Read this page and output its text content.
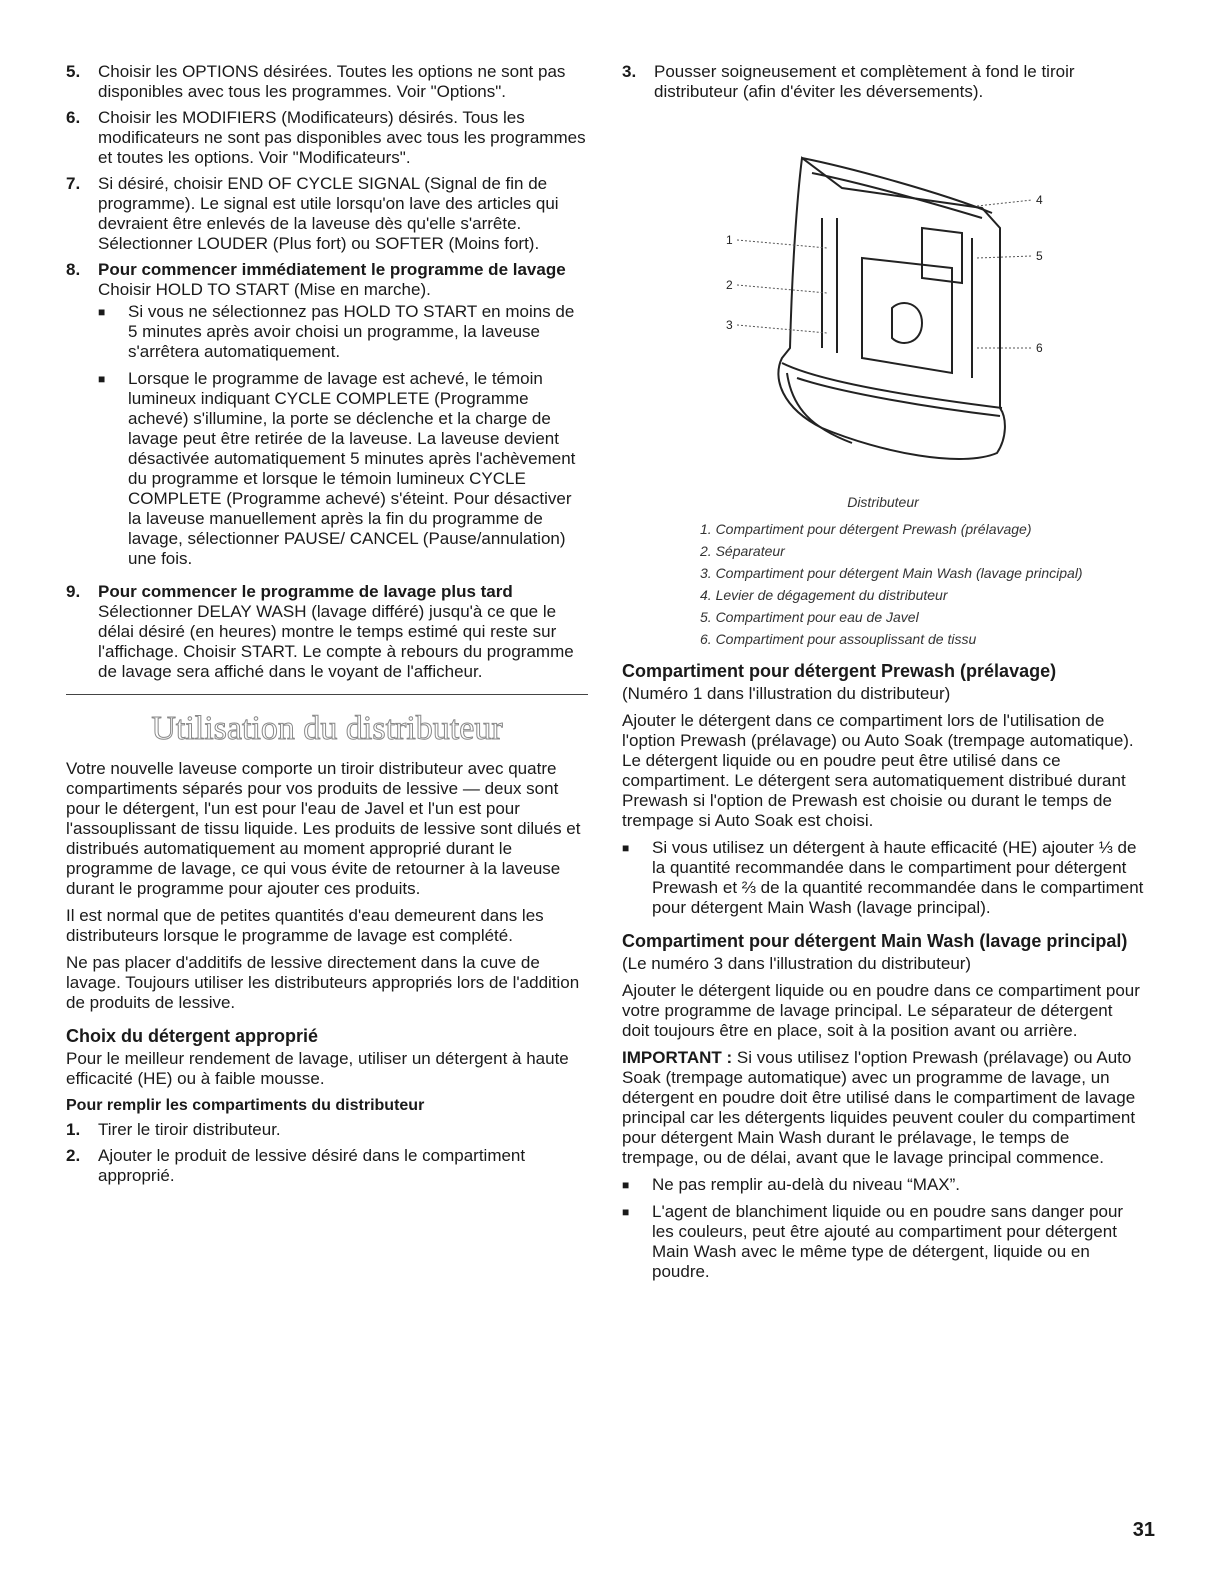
5.	Choisir les OPTIONS désirées. Toutes les options ne sont pas disponibles avec tous les programmes. Voir "Options".
6.	Choisir les MODIFIERS (Modificateurs) désirés. Tous les modificateurs ne sont pas disponibles avec tous les programmes et toutes les options. Voir "Modificateurs".
7.	Si désiré, choisir END OF CYCLE SIGNAL (Signal de fin de programme). Le signal est utile lorsqu'on lave des articles qui devraient être enlevés de la laveuse dès qu'elle s'arrête. Sélectionner LOUDER (Plus fort) ou SOFTER (Moins fort).
8.	Pour commencer immédiatement le programme de lavage
Choisir HOLD TO START (Mise en marche).
■	Si vous ne sélectionnez pas HOLD TO START en moins de 5 minutes après avoir choisi un programme, la laveuse s'arrêtera automatiquement.
■	Lorsque le programme de lavage est achevé, le témoin lumineux indiquant CYCLE COMPLETE (Programme achevé) s'illumine, la porte se déclenche et la charge de lavage peut être retirée de la laveuse. La laveuse devient désactivée automatiquement 5 minutes après l'achèvement du programme et lorsque le témoin lumineux CYCLE COMPLETE (Programme achevé) s'éteint. Pour désactiver la laveuse manuellement après la fin du programme de lavage, sélectionner PAUSE/ CANCEL (Pause/annulation) une fois.
9.	Pour commencer le programme de lavage plus tard
Sélectionner DELAY WASH (lavage différé) jusqu'à ce que le délai désiré (en heures) montre le temps estimé qui reste sur l'affichage. Choisir START. Le compte à rebours du programme de lavage sera affiché dans le voyant de l'afficheur.
Utilisation du distributeur

Votre nouvelle laveuse comporte un tiroir distributeur avec quatre compartiments séparés pour vos produits de lessive — deux sont pour le détergent, l'un est pour l'eau de Javel et l'un est pour l'assouplissant de tissu liquide. Les produits de lessive sont dilués et distribués automatiquement au moment approprié durant le programme de lavage, ce qui vous évite de retourner à la laveuse durant le programme pour ajouter ces produits.

Il est normal que de petites quantités d'eau demeurent dans les distributeurs lorsque le programme de lavage est complété.

Ne pas placer d'additifs de lessive directement dans la cuve de lavage. Toujours utiliser les distributeurs appropriés lors de l'addition de produits de lessive.

Choix du détergent approprié

Pour le meilleur rendement de lavage, utiliser un détergent à haute efficacité (HE) ou à faible mousse.

Pour remplir les compartiments du distributeur
1.	Tirer le tiroir distributeur.
2.	Ajouter le produit de lessive désiré dans le compartiment approprié.
3.	Pousser soigneusement et complètement à fond le tiroir distributeur (afin d'éviter les déversements).
1
2
3
4
5
6
Distributeur
1. Compartiment pour détergent Prewash (prélavage)
2. Séparateur
3. Compartiment pour détergent Main Wash (lavage principal)
4. Levier de dégagement du distributeur
5. Compartiment pour eau de Javel
6. Compartiment pour assouplissant de tissu
Compartiment pour détergent Prewash (prélavage)

(Numéro 1 dans l'illustration du distributeur)

Ajouter le détergent dans ce compartiment lors de l'utilisation de l'option Prewash (prélavage) ou Auto Soak (trempage automatique). Le détergent liquide ou en poudre peut être utilisé dans ce compartiment. Le détergent sera automatiquement distribué durant Prewash si l'option de Prewash est choisie ou durant le temps de trempage si Auto Soak est choisi.

■	Si vous utilisez un détergent à haute efficacité (HE) ajouter ⅓ de la quantité recommandée dans le compartiment pour détergent Prewash et ⅔ de la quantité recommandée dans le compartiment pour détergent Main Wash (lavage principal).
Compartiment pour détergent Main Wash (lavage principal)

(Le numéro 3 dans l'illustration du distributeur)

Ajouter le détergent liquide ou en poudre dans ce compartiment pour votre programme de lavage principal. Le séparateur de détergent doit toujours être en place, soit à la position avant ou arrière.

IMPORTANT : Si vous utilisez l'option Prewash (prélavage) ou Auto Soak (trempage automatique) avec un programme de lavage, un détergent en poudre doit être utilisé dans le compartiment de lavage principal car les détergents liquides peuvent couler du compartiment pour détergent Main Wash durant le prélavage, le temps de trempage, ou de délai, avant que le lavage principal commence.

■	Ne pas remplir au-delà du niveau “MAX”.
■	L'agent de blanchiment liquide ou en poudre sans danger pour les couleurs, peut être ajouté au compartiment pour détergent Main Wash avec le même type de détergent, liquide ou en poudre.
31
